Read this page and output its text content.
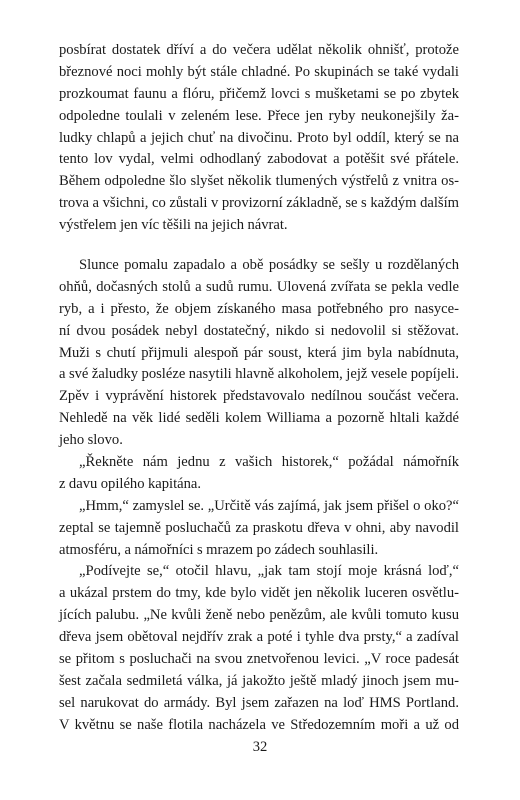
posbírat dostatek dříví a do večera udělat několik ohnišť, protože
březnové noci mohly být stále chladné. Po skupinách se také vydali
prozkoumat faunu a flóru, přičemž lovci s mušketami se po zbytek
odpoledne toulali v zeleném lese. Přece jen ryby neukonejšily ža-
ludky chlapů a jejich chuť na divočinu. Proto byl oddíl, který se na
tento lov vydal, velmi odhodlaný zabodovat a potěšit své přátele.
Během odpoledne šlo slyšet několik tlumených výstřelů z vnitra os-
trova a všichni, co zůstali v provizorní základně, se s každým dalším
výstřelem jen víc těšili na jejich návrat.
Slunce pomalu zapadalo a obě posádky se sešly u rozdělaných
ohňů, dočasných stolů a sudů rumu. Ulovená zvířata se pekla vedle
ryb, a i přesto, že objem získaného masa potřebného pro nasyce-
ní dvou posádek nebyl dostatečný, nikdo si nedovolil si stěžovat.
Muži s chutí přijmuli alespoň pár soust, která jim byla nabídnuta,
a své žaludky posléze nasytili hlavně alkoholem, jejž vesele popíjeli.
Zpěv i vyprávění historek představovalo nedílnou součást večera.
Nehledě na věk lidé seděli kolem Williama a pozorně hltali každé
jeho slovo.
„Řekněte nám jednu z vašich historek,“ požádal námořník
z davu opilého kapitána.
„Hmm,“ zamyslel se. „Určitě vás zajímá, jak jsem přišel o oko?“
zeptal se tajemně posluchačů za praskotu dřeva v ohni, aby navodil
atmosféru, a námořníci s mrazem po zádech souhlasili.
„Podívejte se,“ otočil hlavu, „jak tam stojí moje krásná loď,“
a ukázal prstem do tmy, kde bylo vidět jen několik luceren osvětlu-
jících palubu. „Ne kvůli ženě nebo penězům, ale kvůli tomuto kusu
dřeva jsem obětoval nejdřív zrak a poté i tyhle dva prsty,“ a zadíval
se přitom s posluchači na svou znetvořenou levici. „V roce padesát
šest začala sedmiletá válka, já jakožto ještě mladý jinoch jsem mu-
sel narukovat do armády. Byl jsem zařazen na loď HMS Portland.
V květnu se naše flotila nacházela ve Středozemním moři a už od
32
